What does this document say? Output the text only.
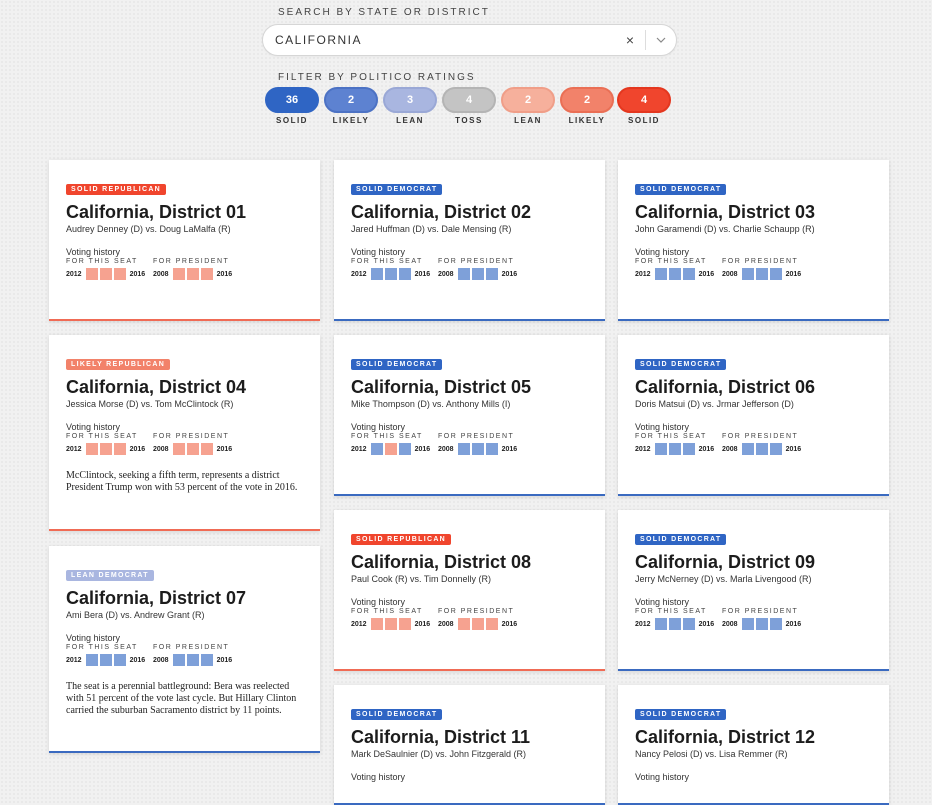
SEARCH BY STATE OR DISTRICT
CALIFORNIA
×
FILTER BY POLITICO RATINGS
36
SOLID
2
LIKELY
3
LEAN
4
TOSS
2
LEAN
2
LIKELY
4
SOLID
SOLID REPUBLICAN
California, District 01
Audrey Denney (D) vs. Doug LaMalfa (R)
Voting history
FOR THIS SEAT	FOR PRESIDENT
2012	2016 2008	2016
SOLID DEMOCRAT
California, District 02
Jared Huffman (D) vs. Dale Mensing (R)
Voting history
FOR THIS SEAT	FOR PRESIDENT
2012	2016 2008	2016
SOLID DEMOCRAT
California, District 03
John Garamendi (D) vs. Charlie Schaupp (R)
Voting history
FOR THIS SEAT	FOR PRESIDENT
2012	2016 2008	2016
LIKELY REPUBLICAN
California, District 04
Jessica Morse (D) vs. Tom McClintock (R)
Voting history
FOR THIS SEAT	FOR PRESIDENT
2012	2016 2008	2016
McClintock, seeking a fifth term, represents a district President Trump won with 53 percent of the vote in 2016.
SOLID DEMOCRAT
California, District 05
Mike Thompson (D) vs. Anthony Mills (I)
Voting history
FOR THIS SEAT	FOR PRESIDENT
2012	2016 2008	2016
SOLID DEMOCRAT
California, District 06
Doris Matsui (D) vs. Jrmar Jefferson (D)
Voting history
FOR THIS SEAT	FOR PRESIDENT
2012	2016 2008	2016
LEAN DEMOCRAT
California, District 07
Ami Bera (D) vs. Andrew Grant (R)
Voting history
FOR THIS SEAT	FOR PRESIDENT
2012	2016 2008	2016
The seat is a perennial battleground: Bera was reelected with 51 percent of the vote last cycle. But Hillary Clinton carried the suburban Sacramento district by 11 points.
SOLID REPUBLICAN
California, District 08
Paul Cook (R) vs. Tim Donnelly (R)
Voting history
FOR THIS SEAT	FOR PRESIDENT
2012	2016 2008	2016
SOLID DEMOCRAT
California, District 09
Jerry McNerney (D) vs. Marla Livengood (R)
Voting history
FOR THIS SEAT	FOR PRESIDENT
2012	2016 2008	2016
SOLID DEMOCRAT
California, District 11
Mark DeSaulnier (D) vs. John Fitzgerald (R)
Voting history
SOLID DEMOCRAT
California, District 12
Nancy Pelosi (D) vs. Lisa Remmer (R)
Voting history
